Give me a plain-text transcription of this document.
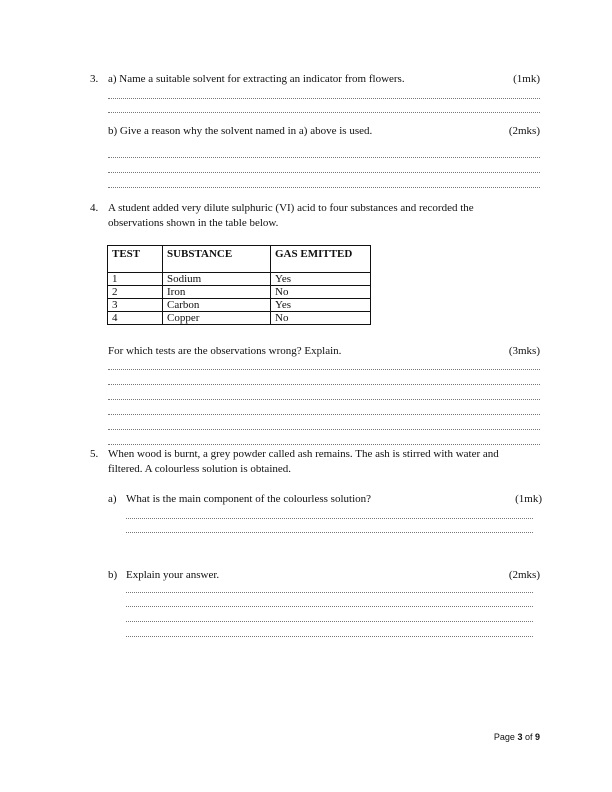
3. a) Name a suitable solvent for extracting an indicator from flowers.	(1mk)
b) Give a reason why the solvent named in a) above is used.	(2mks)
4. A student added very dilute sulphuric (VI) acid to four substances and recorded the
observations shown in the table below.
TEST	SUBSTANCE	GAS EMITTED
1	Sodium	Yes
2	Iron	No
3	Carbon	Yes
4	Copper	No
For which tests are the observations wrong? Explain.	(3mks)
5. When wood is burnt, a grey powder called ash remains. The ash is stirred with water and
filtered. A colourless solution is obtained.
a) What is the main component of the colourless solution?	(1mk)
b) Explain your answer.	(2mks)
Page 3 of 9
